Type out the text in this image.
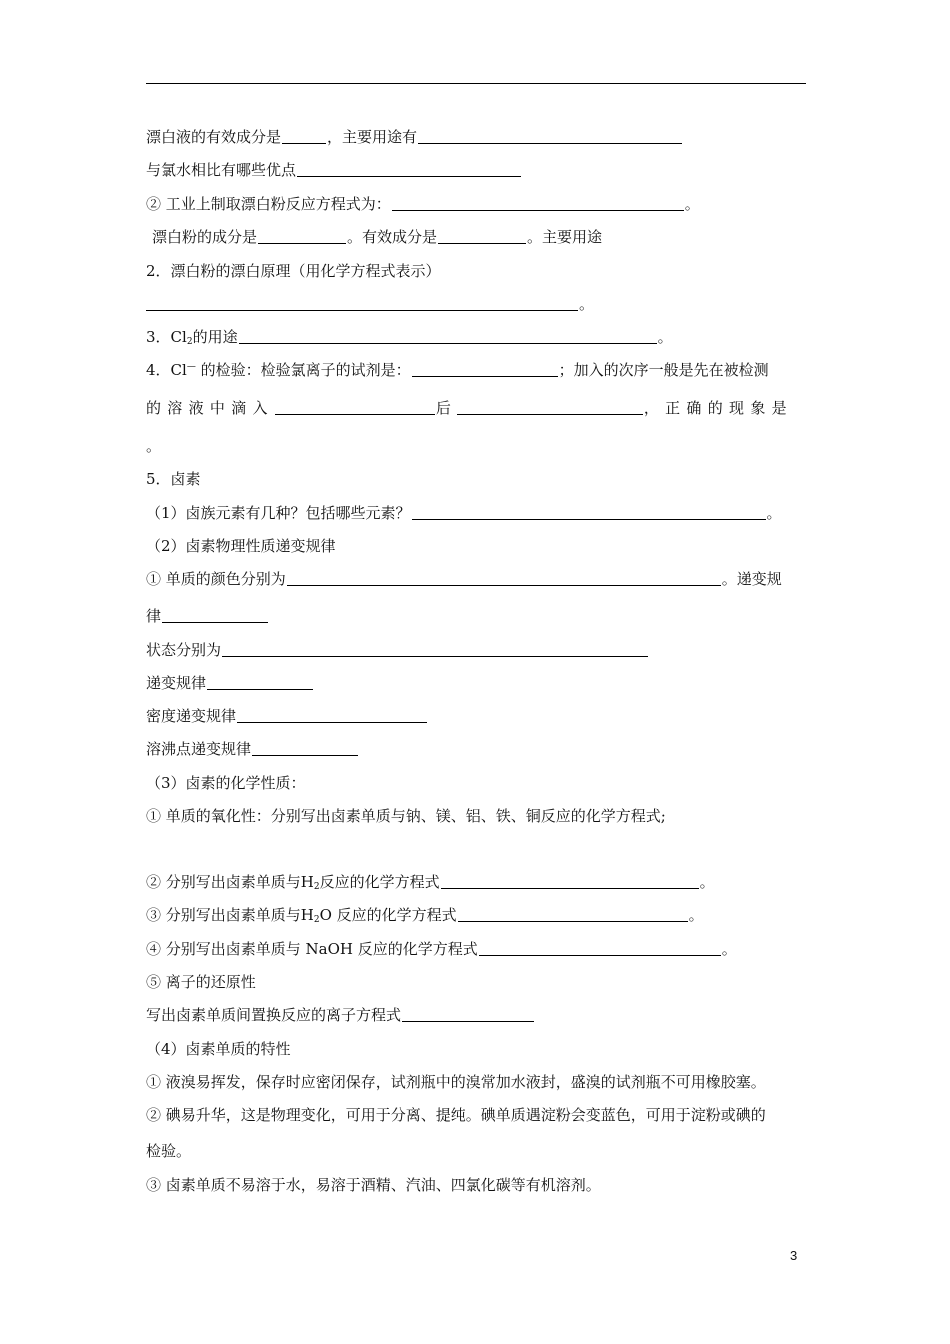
漂白液的有效成分是	，主要用途有
与氯水相比有哪些优点
② 工业上制取漂白粉反应方程式为：	。
漂白粉的成分是	。有效成分是	。主要用途
2．漂白粉的漂白原理（用化学方程式表示）
。
3．$Cl_2$的用途	。
4．Cl— 的检验：检验氯离子的试剂是：	；加入的次序一般是先在被检测
的溶液中滴入	后	，正确的现象是
。
5．卤素
（1）卤族元素有几种？包括哪些元素？	。
（2）卤素物理性质递变规律
① 单质的颜色分别为	。递变规
律
状态分别为
递变规律
密度递变规律
溶沸点递变规律
（3）卤素的化学性质：
① 单质的氧化性：分别写出卤素单质与钠、镁、铝、铁、铜反应的化学方程式;
② 分别写出卤素单质与$H_2$反应的化学方程式	。
③ 分别写出卤素单质与$H_2O$ 反应的化学方程式	。
④ 分别写出卤素单质与 NaOH 反应的化学方程式	。
⑤ 离子的还原性
写出卤素单质间置换反应的离子方程式
（4）卤素单质的特性
① 液溴易挥发，保存时应密闭保存，试剂瓶中的溴常加水液封，盛溴的试剂瓶不可用橡胶塞。
② 碘易升华，这是物理变化，可用于分离、提纯。碘单质遇淀粉会变蓝色，可用于淀粉或碘的
检验。
③ 卤素单质不易溶于水，易溶于酒精、汽油、四氯化碳等有机溶剂。
3
